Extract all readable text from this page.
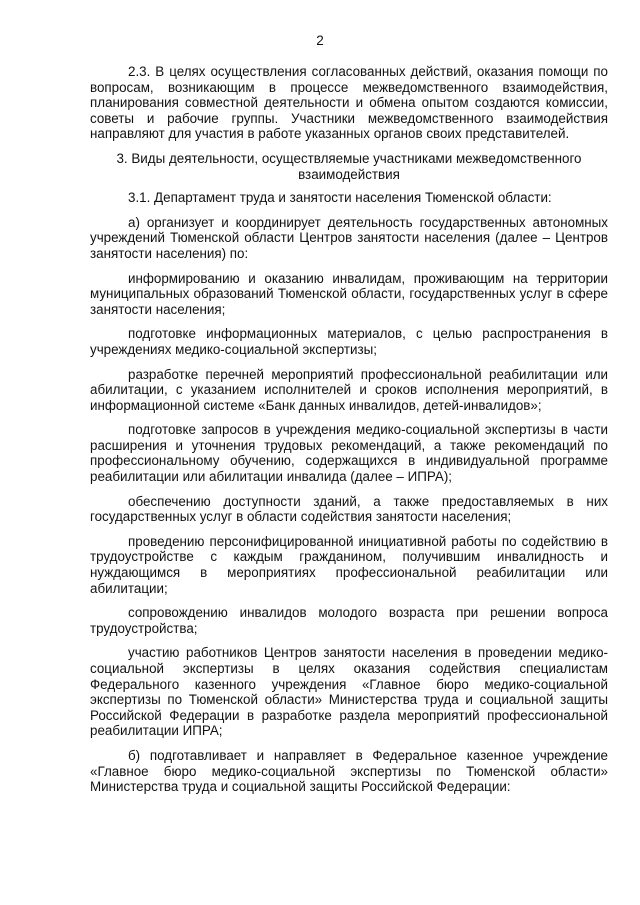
2

2.3. В целях осуществления согласованных действий, оказания помощи по вопросам, возникающим в процессе межведомственного взаимодействия, планирования совместной деятельности и обмена опытом создаются комиссии, советы и рабочие группы. Участники межведомственного взаимодействия направляют для участия в работе указанных органов своих представителей.

3. Виды деятельности, осуществляемые участниками межведомственного взаимодействия

3.1. Департамент труда и занятости населения Тюменской области:

а) организует и координирует деятельность государственных автономных учреждений Тюменской области Центров занятости населения (далее – Центров занятости населения) по:

информированию и оказанию инвалидам, проживающим на территории муниципальных образований Тюменской области, государственных услуг в сфере занятости населения;

подготовке информационных материалов, с целью распространения в учреждениях медико-социальной экспертизы;

разработке перечней мероприятий профессиональной реабилитации или абилитации, с указанием исполнителей и сроков исполнения мероприятий, в информационной системе «Банк данных инвалидов, детей-инвалидов»;

подготовке запросов в учреждения медико-социальной экспертизы в части расширения и уточнения трудовых рекомендаций, а также рекомендаций по профессиональному обучению, содержащихся в индивидуальной программе реабилитации или абилитации инвалида (далее – ИПРА);

обеспечению доступности зданий, а также предоставляемых в них государственных услуг в области содействия занятости населения;

проведению персонифицированной инициативной работы по содействию в трудоустройстве с каждым гражданином, получившим инвалидность и нуждающимся в мероприятиях профессиональной реабилитации или абилитации;

сопровождению инвалидов молодого возраста при решении вопроса трудоустройства;

участию работников Центров занятости населения в проведении медико-социальной экспертизы в целях оказания содействия специалистам Федерального казенного учреждения «Главное бюро медико-социальной экспертизы по Тюменской области» Министерства труда и социальной защиты Российской Федерации в разработке раздела мероприятий профессиональной реабилитации ИПРА;

б) подготавливает и направляет в Федеральное казенное учреждение «Главное бюро медико-социальной экспертизы по Тюменской области» Министерства труда и социальной защиты Российской Федерации:
